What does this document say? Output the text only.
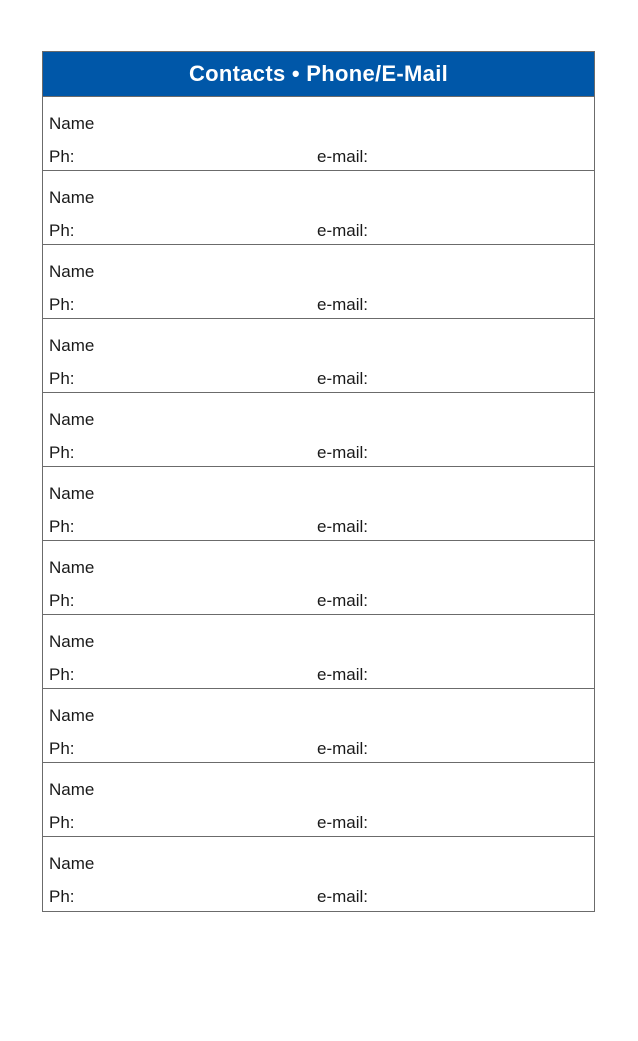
Contacts • Phone/E-Mail
Name
Ph:	e-mail:
Name
Ph:	e-mail:
Name
Ph:	e-mail:
Name
Ph:	e-mail:
Name
Ph:	e-mail:
Name
Ph:	e-mail:
Name
Ph:	e-mail:
Name
Ph:	e-mail:
Name
Ph:	e-mail:
Name
Ph:	e-mail:
Name
Ph:	e-mail:
